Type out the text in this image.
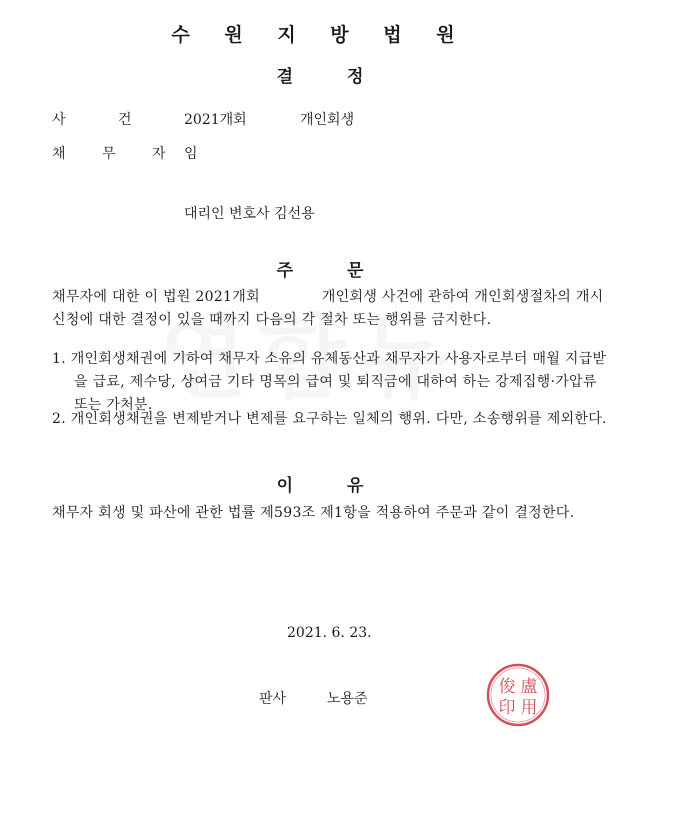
수 원 지 방 법 원
결 정
사 건 2021개회	개인회생
채 무 자 임
대리인 변호사 김선용
주 문
채무자에 대한 이 법원 2021개회 　　　　개인회생 사건에 관하여 개인회생절차의 개시신청에 대한 결정이 있을 때까지 다음의 각 절차 또는 행위를 금지한다.
1. 개인회생채권에 기하여 채무자 소유의 유체동산과 채무자가 사용자로부터 매월 지급받을 급료, 제수당, 상여금 기타 명목의 급여 및 퇴직금에 대하여 하는 강제집행·가압류 또는 가처분.
2. 개인회생채권을 변제받거나 변제를 요구하는 일체의 행위. 다만, 소송행위를 제외한다.
이 유
채무자 회생 및 파산에 관한 법률 제593조 제1항을 적용하여 주문과 같이 결정한다.
2021. 6. 23.
판사	노용준
盧
用
俊
印
